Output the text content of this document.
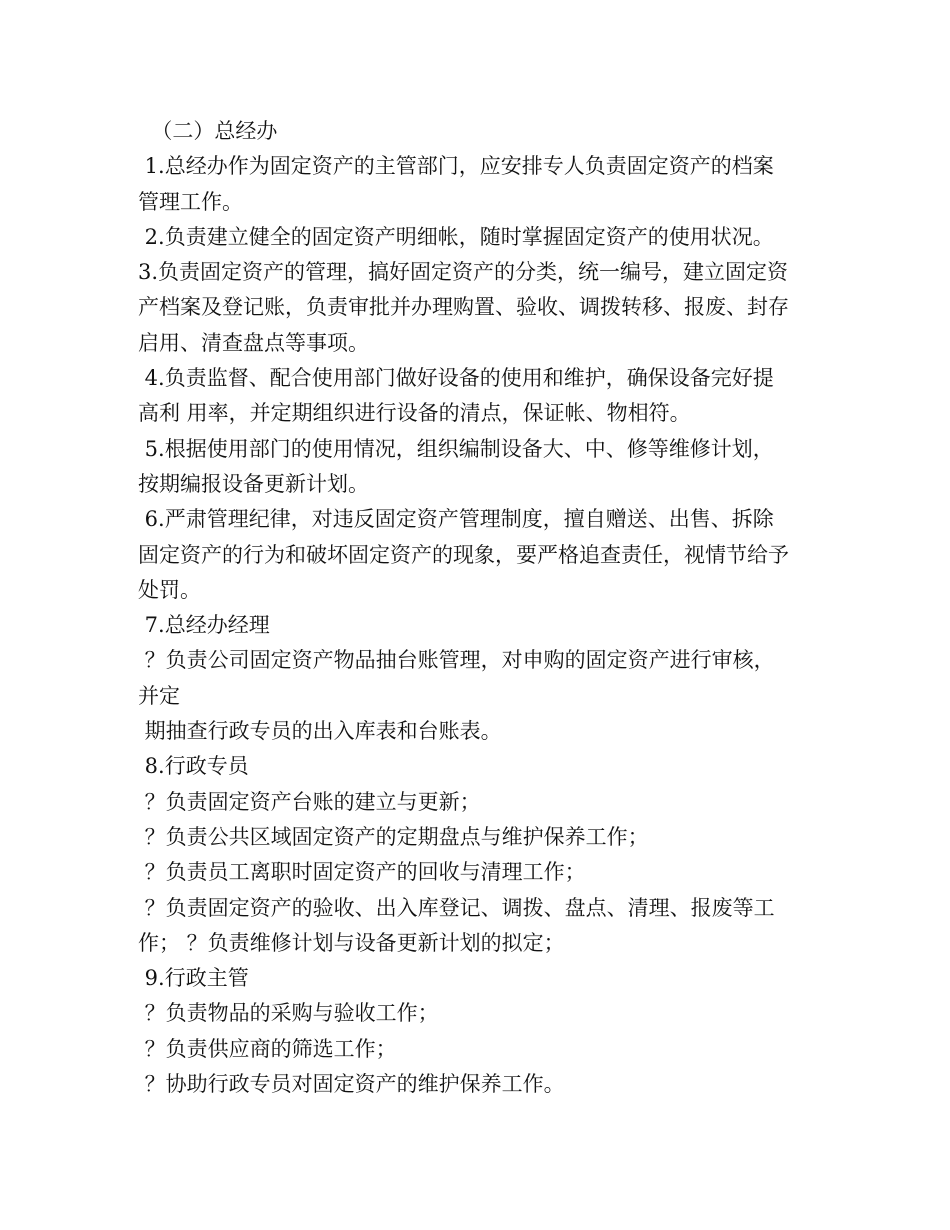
（二）总经办
1.总经办作为固定资产的主管部门，应安排专人负责固定资产的档案
管理工作。
2.负责建立健全的固定资产明细帐，随时掌握固定资产的使用状况。
3.负责固定资产的管理，搞好固定资产的分类，统一编号，建立固定资
产档案及登记账，负责审批并办理购置、验收、调拨转移、报废、封存
启用、清查盘点等事项。
4.负责监督、配合使用部门做好设备的使用和维护，确保设备完好提
高利 用率，并定期组织进行设备的清点，保证帐、物相符。
5.根据使用部门的使用情况，组织编制设备大、中、修等维修计划，
按期编报设备更新计划。
6.严肃管理纪律，对违反固定资产管理制度，擅自赠送、出售、拆除
固定资产的行为和破坏固定资产的现象，要严格追查责任，视情节给予
处罚。
7.总经办经理
？负责公司固定资产物品抽台账管理，对申购的固定资产进行审核，
并定
期抽查行政专员的出入库表和台账表。
8.行政专员
？负责固定资产台账的建立与更新；
？负责公共区域固定资产的定期盘点与维护保养工作；
？负责员工离职时固定资产的回收与清理工作；
？负责固定资产的验收、出入库登记、调拨、盘点、清理、报废等工
作； ？负责维修计划与设备更新计划的拟定；
9.行政主管
？负责物品的采购与验收工作；
？负责供应商的筛选工作；
？协助行政专员对固定资产的维护保养工作。
